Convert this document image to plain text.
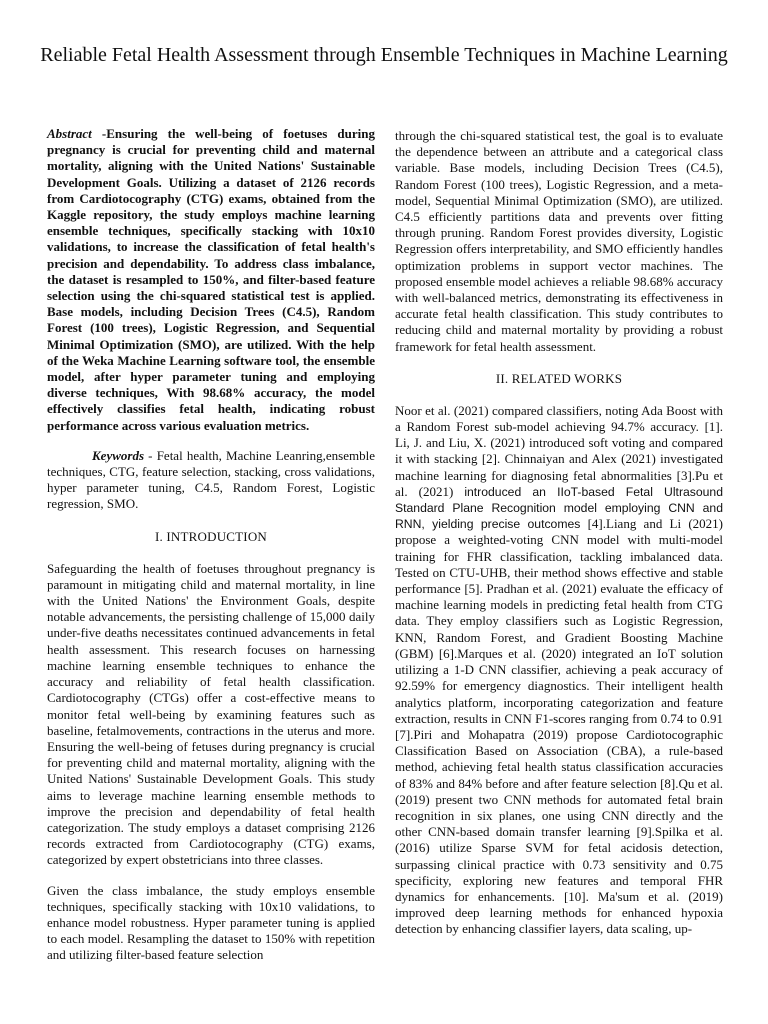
Reliable Fetal Health Assessment through Ensemble Techniques in Machine Learning

Abstract -Ensuring the well-being of foetuses during pregnancy is crucial for preventing child and maternal mortality, aligning with the United Nations' Sustainable Development Goals. Utilizing a dataset of 2126 records from Cardiotocography (CTG) exams, obtained from the Kaggle repository, the study employs machine learning ensemble techniques, specifically stacking with 10x10 validations, to increase the classification of fetal health's precision and dependability. To address class imbalance, the dataset is resampled to 150%, and filter-based feature selection using the chi-squared statistical test is applied. Base models, including Decision Trees (C4.5), Random Forest (100 trees), Logistic Regression, and Sequential Minimal Optimization (SMO), are utilized. With the help of the Weka Machine Learning software tool, the ensemble model, after hyper parameter tuning and employing diverse techniques, With 98.68% accuracy, the model effectively classifies fetal health, indicating robust performance across various evaluation metrics.

Keywords - Fetal health, Machine Leanring,ensemble techniques, CTG, feature selection, stacking, cross validations, hyper parameter tuning, C4.5, Random Forest, Logistic regression, SMO.

I. INTRODUCTION

Safeguarding the health of foetuses throughout pregnancy is paramount in mitigating child and maternal mortality, in line with the United Nations' the Environment Goals, despite notable advancements, the persisting challenge of 15,000 daily under-five deaths necessitates continued advancements in fetal health assessment. This research focuses on harnessing machine learning ensemble techniques to enhance the accuracy and reliability of fetal health classification. Cardiotocography (CTGs) offer a cost-effective means to monitor fetal well-being by examining features such as baseline, fetalmovements, contractions in the uterus and more. Ensuring the well-being of fetuses during pregnancy is crucial for preventing child and maternal mortality, aligning with the United Nations' Sustainable Development Goals. This study aims to leverage machine learning ensemble methods to improve the precision and dependability of fetal health categorization. The study employs a dataset comprising 2126 records extracted from Cardiotocography (CTG) exams, categorized by expert obstetricians into three classes.

Given the class imbalance, the study employs ensemble techniques, specifically stacking with 10x10 validations, to enhance model robustness. Hyper parameter tuning is applied to each model. Resampling the dataset to 150% with repetition and utilizing filter-based feature selection

through the chi-squared statistical test, the goal is to evaluate the dependence between an attribute and a categorical class variable. Base models, including Decision Trees (C4.5), Random Forest (100 trees), Logistic Regression, and a meta-model, Sequential Minimal Optimization (SMO), are utilized. C4.5 efficiently partitions data and prevents over fitting through pruning. Random Forest provides diversity, Logistic Regression offers interpretability, and SMO efficiently handles optimization problems in support vector machines. The proposed ensemble model achieves a reliable 98.68% accuracy with well-balanced metrics, demonstrating its effectiveness in accurate fetal health classification. This study contributes to reducing child and maternal mortality by providing a robust framework for fetal health assessment.

II. RELATED WORKS

Noor et al. (2021) compared classifiers, noting Ada Boost with a Random Forest sub-model achieving 94.7% accuracy. [1]. Li, J. and Liu, X. (2021) introduced soft voting and compared it with stacking [2]. Chinnaiyan and Alex (2021) investigated machine learning for diagnosing fetal abnormalities [3].Pu et al. (2021) introduced an IIoT-based Fetal Ultrasound Standard Plane Recognition model employing CNN and RNN, yielding precise outcomes [4].Liang and Li (2021) propose a weighted-voting CNN model with multi-model training for FHR classification, tackling imbalanced data. Tested on CTU-UHB, their method shows effective and stable performance [5]. Pradhan et al. (2021) evaluate the efficacy of machine learning models in predicting fetal health from CTG data. They employ classifiers such as Logistic Regression, KNN, Random Forest, and Gradient Boosting Machine (GBM) [6].Marques et al. (2020) integrated an IoT solution utilizing a 1-D CNN classifier, achieving a peak accuracy of 92.59% for emergency diagnostics. Their intelligent health analytics platform, incorporating categorization and feature extraction, results in CNN F1-scores ranging from 0.74 to 0.91 [7].Piri and Mohapatra (2019) propose Cardiotocographic Classification Based on Association (CBA), a rule-based method, achieving fetal health status classification accuracies of 83% and 84% before and after feature selection [8].Qu et al. (2019) present two CNN methods for automated fetal brain recognition in six planes, one using CNN directly and the other CNN-based domain transfer learning [9].Spilka et al. (2016) utilize Sparse SVM for fetal acidosis detection, surpassing clinical practice with 0.73 sensitivity and 0.75 specificity, exploring new features and temporal FHR dynamics for enhancements. [10]. Ma'sum et al. (2019) improved deep learning methods for enhanced hypoxia detection by enhancing classifier layers, data scaling, up-
